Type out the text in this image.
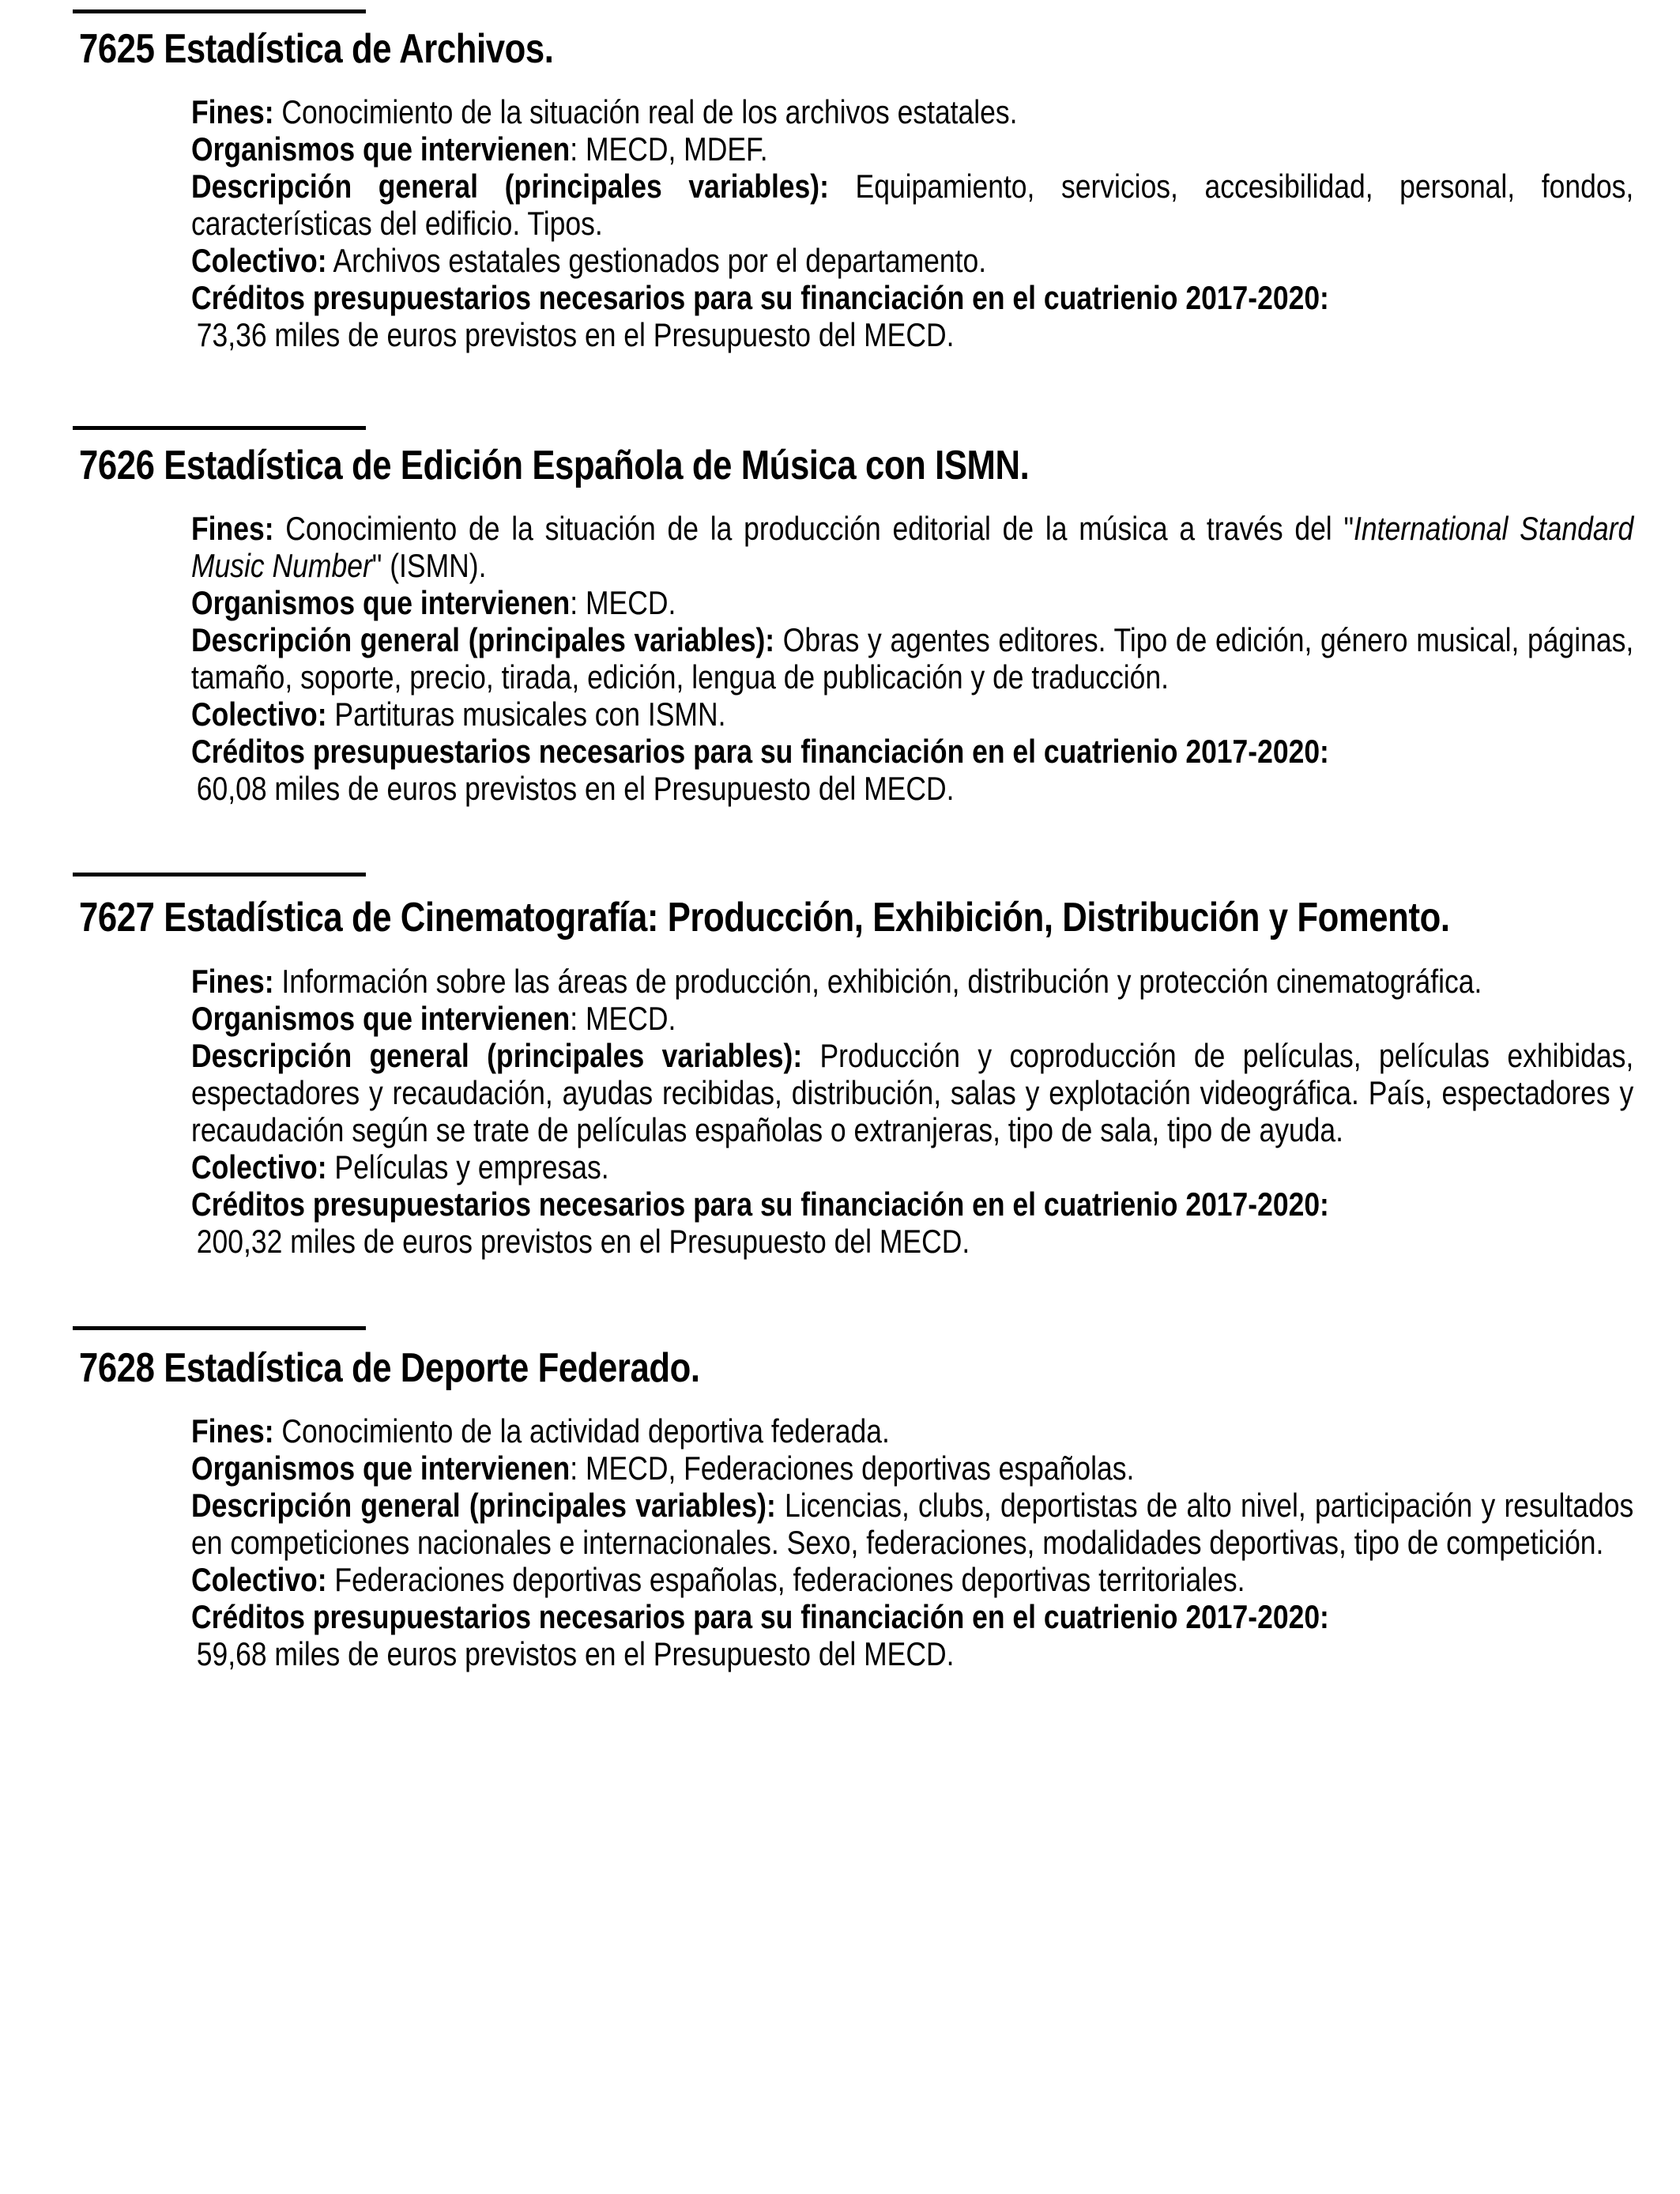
7625 Estadística de Archivos.

Fines: Conocimiento de la situación real de los archivos estatales.

Organismos que intervienen: MECD, MDEF.

Descripción general (principales variables): Equipamiento, servicios, accesibilidad, personal, fondos, características del edificio. Tipos.

Colectivo: Archivos estatales gestionados por el departamento.

Créditos presupuestarios necesarios para su financiación en el cuatrienio 2017-2020:

73,36 miles de euros previstos en el Presupuesto del MECD.

7626 Estadística de Edición Española de Música con ISMN.

Fines: Conocimiento de la situación de la producción editorial de la música a través del "International Standard Music Number" (ISMN).

Organismos que intervienen: MECD.

Descripción general (principales variables): Obras y agentes editores. Tipo de edición, género musical, páginas, tamaño, soporte, precio, tirada, edición, lengua de publicación y de traducción.

Colectivo: Partituras musicales con ISMN.

Créditos presupuestarios necesarios para su financiación en el cuatrienio 2017-2020:

60,08 miles de euros previstos en el Presupuesto del MECD.

7627 Estadística de Cinematografía: Producción, Exhibición, Distribución y Fomento.

Fines: Información sobre las áreas de producción, exhibición, distribución y protección cinematográfica.

Organismos que intervienen: MECD.

Descripción general (principales variables): Producción y coproducción de películas, películas exhibidas, espectadores y recaudación, ayudas recibidas, distribución, salas y explotación videográfica. País, espectadores y recaudación según se trate de películas españolas o extranjeras, tipo de sala, tipo de ayuda.

Colectivo: Películas y empresas.

Créditos presupuestarios necesarios para su financiación en el cuatrienio 2017-2020:

200,32 miles de euros previstos en el Presupuesto del MECD.

7628 Estadística de Deporte Federado.

Fines: Conocimiento de la actividad deportiva federada.

Organismos que intervienen: MECD, Federaciones deportivas españolas.

Descripción general (principales variables): Licencias, clubs, deportistas de alto nivel, participación y resultados en competiciones nacionales e internacionales. Sexo, federaciones, modalidades deportivas, tipo de competición.

Colectivo: Federaciones deportivas españolas, federaciones deportivas territoriales.

Créditos presupuestarios necesarios para su financiación en el cuatrienio 2017-2020:

59,68 miles de euros previstos en el Presupuesto del MECD.
